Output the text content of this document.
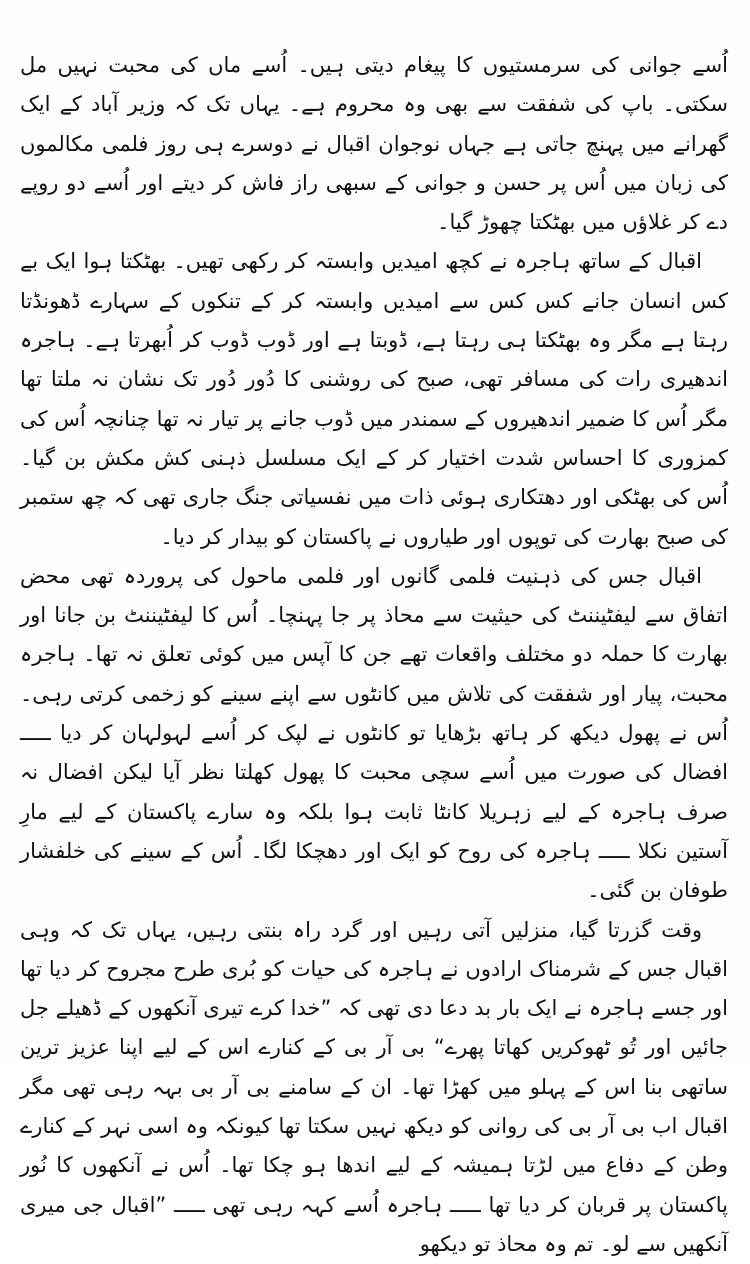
اُسے جوانی کی سرمستیوں کا پیغام دیتی ہیں۔ اُسے ماں کی محبت نہیں مل سکتی۔ باپ کی شفقت سے بھی وہ محروم ہے۔ یہاں تک کہ وزیر آباد کے ایک گھرانے میں پہنچ جاتی ہے جہاں نوجوان اقبال نے دوسرے ہی روز فلمی مکالموں کی زبان میں اُس پر حسن و جوانی کے سبھی راز فاش کر دیتے اور اُسے دو روپے دے کر غلاؤں میں بھٹکتا چھوڑ گیا۔

اقبال کے ساتھ ہاجرہ نے کچھ امیدیں وابستہ کر رکھی تھیں۔ بھٹکتا ہوا ایک بے کس انسان جانے کس کس سے امیدیں وابستہ کر کے تنکوں کے سہارے ڈھونڈتا رہتا ہے مگر وہ بھٹکتا ہی رہتا ہے، ڈوبتا ہے اور ڈوب ڈوب کر اُبھرتا ہے۔ ہاجرہ اندھیری رات کی مسافر تھی، صبح کی روشنی کا دُور دُور تک نشان نہ ملتا تھا مگر اُس کا ضمیر اندھیروں کے سمندر میں ڈوب جانے پر تیار نہ تھا چنانچہ اُس کی کمزوری کا احساس شدت اختیار کر کے ایک مسلسل ذہنی کش مکش بن گیا۔ اُس کی بھٹکی اور دھتکاری ہوئی ذات میں نفسیاتی جنگ جاری تھی کہ چھ ستمبر کی صبح بھارت کی توپوں اور طیاروں نے پاکستان کو بیدار کر دیا۔

اقبال جس کی ذہنیت فلمی گانوں اور فلمی ماحول کی پروردہ تھی محض اتفاق سے لیفٹیننٹ کی حیثیت سے محاذ پر جا پہنچا۔ اُس کا لیفٹیننٹ بن جانا اور بھارت کا حملہ دو مختلف واقعات تھے جن کا آپس میں کوئی تعلق نہ تھا۔ ہاجرہ محبت، پیار اور شفقت کی تلاش میں کانٹوں سے اپنے سینے کو زخمی کرتی رہی۔ اُس نے پھول دیکھ کر ہاتھ بڑھایا تو کانٹوں نے لپک کر اُسے لہولہان کر دیا ـــــ افضال کی صورت میں اُسے سچی محبت کا پھول کھلتا نظر آیا لیکن افضال نہ صرف ہاجرہ کے لیے زہریلا کانٹا ثابت ہوا بلکہ وہ سارے پاکستان کے لیے مارِ آستین نکلا ـــــ ہاجرہ کی روح کو ایک اور دھچکا لگا۔ اُس کے سینے کی خلفشار طوفان بن گئی۔

وقت گزرتا گیا، منزلیں آتی رہیں اور گرد راہ بنتی رہیں، یہاں تک کہ وہی اقبال جس کے شرمناک ارادوں نے ہاجرہ کی حیات کو بُری طرح مجروح کر دیا تھا اور جسے ہاجرہ نے ایک بار بد دعا دی تھی کہ ”خدا کرے تیری آنکھوں کے ڈھیلے جل جائیں اور تُو ٹھوکریں کھاتا پھرے“ بی آر بی کے کنارے اس کے لیے اپنا عزیز ترین ساتھی بنا اس کے پہلو میں کھڑا تھا۔ ان کے سامنے بی آر بی بہہ رہی تھی مگر اقبال اب بی آر بی کی روانی کو دیکھ نہیں سکتا تھا کیونکہ وہ اسی نہر کے کنارے وطن کے دفاع میں لڑتا ہمیشہ کے لیے اندھا ہو چکا تھا۔ اُس نے آنکھوں کا نُور پاکستان پر قربان کر دیا تھا ـــــ ہاجرہ اُسے کہہ رہی تھی ـــــ ”اقبال جی میری آنکھیں سے لو۔ تم وہ محاذ تو دیکھو
